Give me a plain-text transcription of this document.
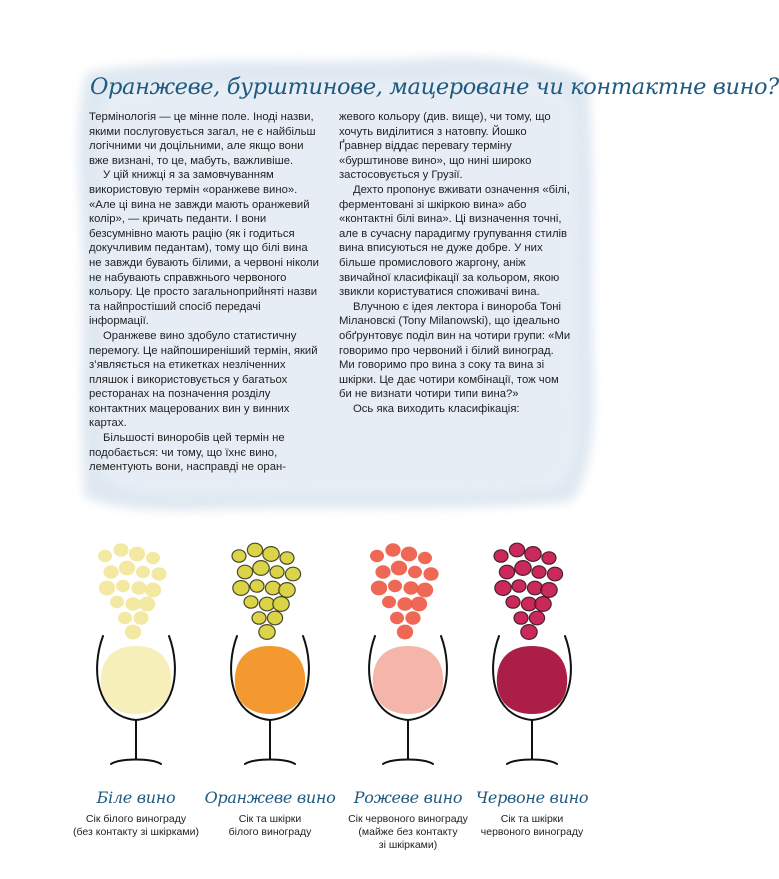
Оранжеве, бурштинове, мацероване чи контактне вино?

Термінологія — це мінне поле. Іноді назви, якими послуговується загал, не є найбільш логічними чи доцільними, але якщо вони вже визнані, то це, мабуть, важливіше.

У цій книжці я за замовчуванням використовую термін «оранжеве вино». «Але ці вина не завжди мають оранжевий колір», — кричать педанти. І вони безсумнівно мають рацію (як і годиться докучливим педантам), тому що білі вина не завжди бувають білими, а червоні ніколи не набувають справжнього червоного кольору. Це просто загальноприйняті назви та найпростіший спосіб передачі інформації.

Оранжеве вино здобуло статистичну перемогу. Це найпоширеніший термін, який з’являється на етикетках незліченних пляшок і використовується у багатьох ресторанах на позначення розділу контактних мацерованих вин у винних картах.

Більшості виноробів цей термін не подобається: чи тому, що їхнє вино, лементують вони, насправді не оран-

жевого кольору (див. вище), чи тому, що хочуть виділитися з натовпу. Йошко Ґравнер віддає перевагу терміну «бурштинове вино», що нині широко застосовується у Грузії.

Дехто пропонує вживати означення «білі, ферментовані зі шкіркою вина» або «контактні білі вина». Ці визначення точні, але в сучасну парадигму групування стилів вина вписуються не дуже добре. У них більше промислового жаргону, аніж звичайної класифікації за кольором, якою звикли користуватися споживачі вина.

Влучною є ідея лектора і винороба Тоні Мілановскі (Tony Milanowski), що ідеально обґрунтовує поділ вин на чотири групи: «Ми говоримо про червоний і білий виноград. Ми говоримо про вина з соку та вина зі шкірки. Це дає чотири комбінації, тож чом би не визнати чотири типи вина?»

Ось яка виходить класифікація:

Біле вино
Сік білого винограду
(без контакту зі шкірками)
Оранжеве вино
Сік та шкірки
білого винограду
Рожеве вино
Сік червоного винограду
(майже без контакту
зі шкірками)
Червоне вино
Сік та шкірки
червоного винограду
